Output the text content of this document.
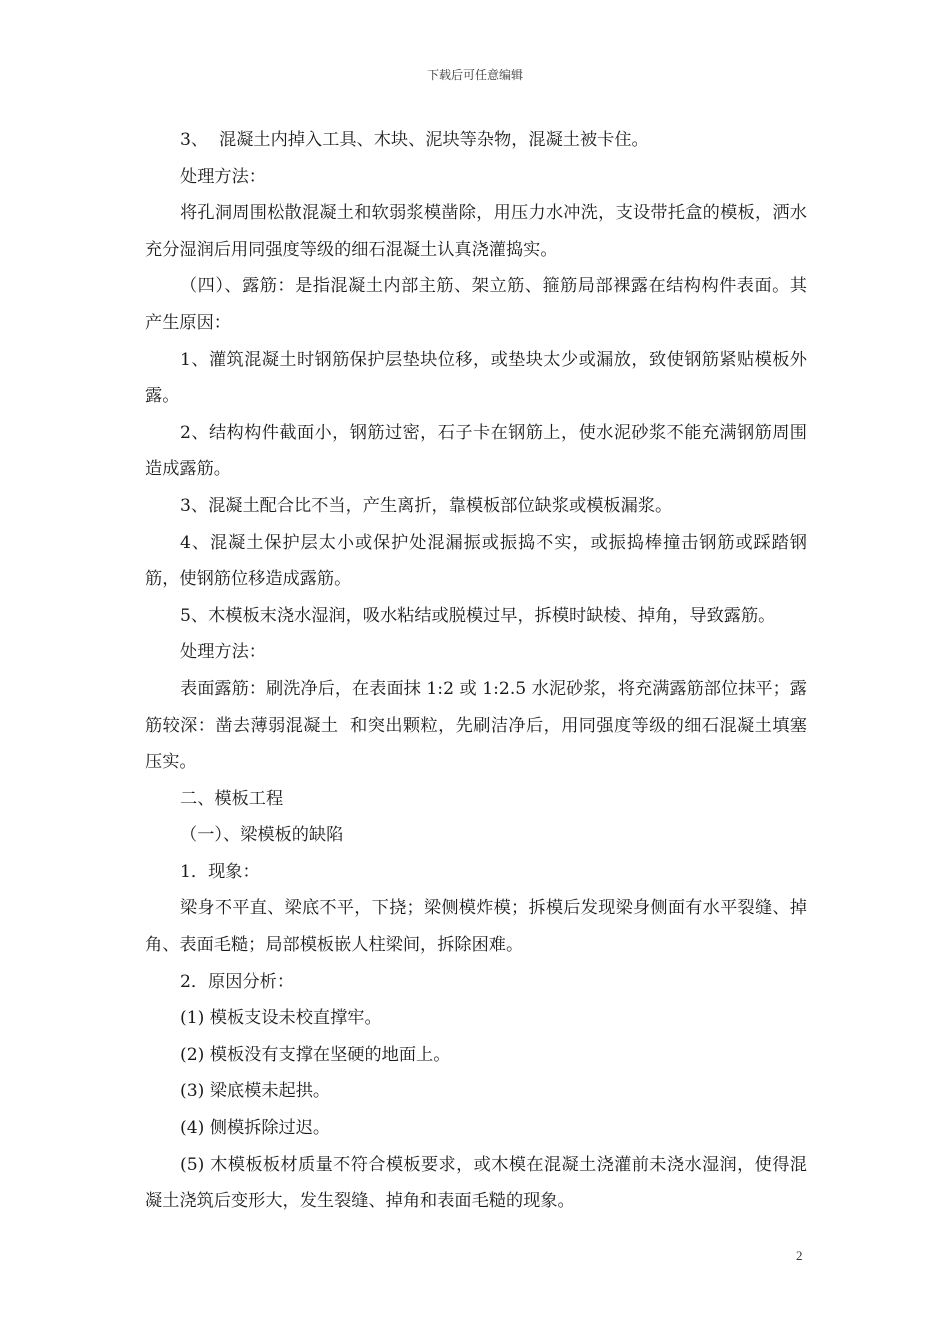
下载后可任意编辑

3、  混凝土内掉入工具、木块、泥块等杂物，混凝土被卡住。

处理方法：

将孔洞周围松散混凝土和软弱浆模凿除，用压力水冲洗，支设带托盒的模板，洒水充分湿润后用同强度等级的细石混凝土认真浇灌捣实。

（四）、露筋：是指混凝土内部主筋、架立筋、箍筋局部裸露在结构构件表面。其产生原因：

1、灌筑混凝土时钢筋保护层垫块位移，或垫块太少或漏放，致使钢筋紧贴模板外露。

2、结构构件截面小，钢筋过密，石子卡在钢筋上，使水泥砂浆不能充满钢筋周围造成露筋。

3、混凝土配合比不当，产生离折，靠模板部位缺浆或模板漏浆。

4、混凝土保护层太小或保护处混漏振或振捣不实，或振捣棒撞击钢筋或踩踏钢筋，使钢筋位移造成露筋。

5、木模板末浇水湿润，吸水粘结或脱模过早，拆模时缺棱、掉角，导致露筋。

处理方法：

表面露筋：刷洗净后，在表面抹 1:2 或 1:2.5 水泥砂浆，将充满露筋部位抹平；露筋较深：凿去薄弱混凝土  和突出颗粒，先刷洁净后，用同强度等级的细石混凝土填塞压实。

二、模板工程

（一）、梁模板的缺陷

1．现象：

梁身不平直、梁底不平，下挠；梁侧模炸模；拆模后发现梁身侧面有水平裂缝、掉角、表面毛糙；局部模板嵌人柱梁间，拆除困难。

2．原因分析：

(1) 模板支设未校直撑牢。

(2) 模板没有支撑在坚硬的地面上。

(3) 梁底模未起拱。

(4) 侧模拆除过迟。

(5) 木模板板材质量不符合模板要求，或木模在混凝土浇灌前未浇水湿润，使得混凝土浇筑后变形大，发生裂缝、掉角和表面毛糙的现象。

2
